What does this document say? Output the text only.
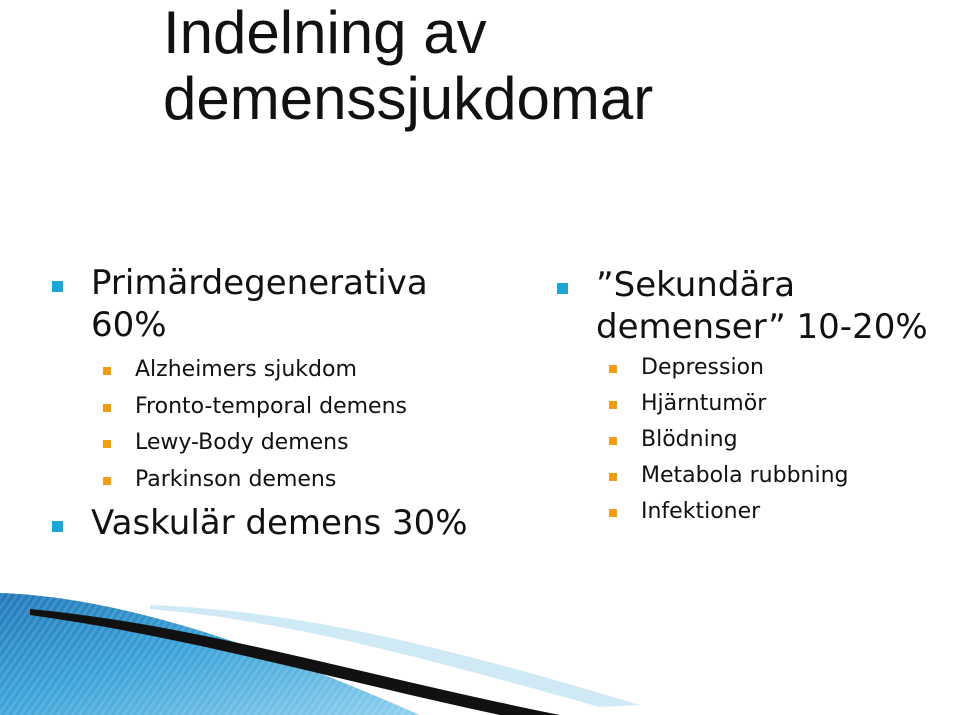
Indelning av
demenssjukdomar
Primärdegenerativa
60%
Alzheimers sjukdom
Fronto-temporal demens
Lewy-Body demens
Parkinson demens
Vaskulär demens 30%
”Sekundära
demenser” 10-20%
Depression
Hjärntumör
Blödning
Metabola rubbning
Infektioner
